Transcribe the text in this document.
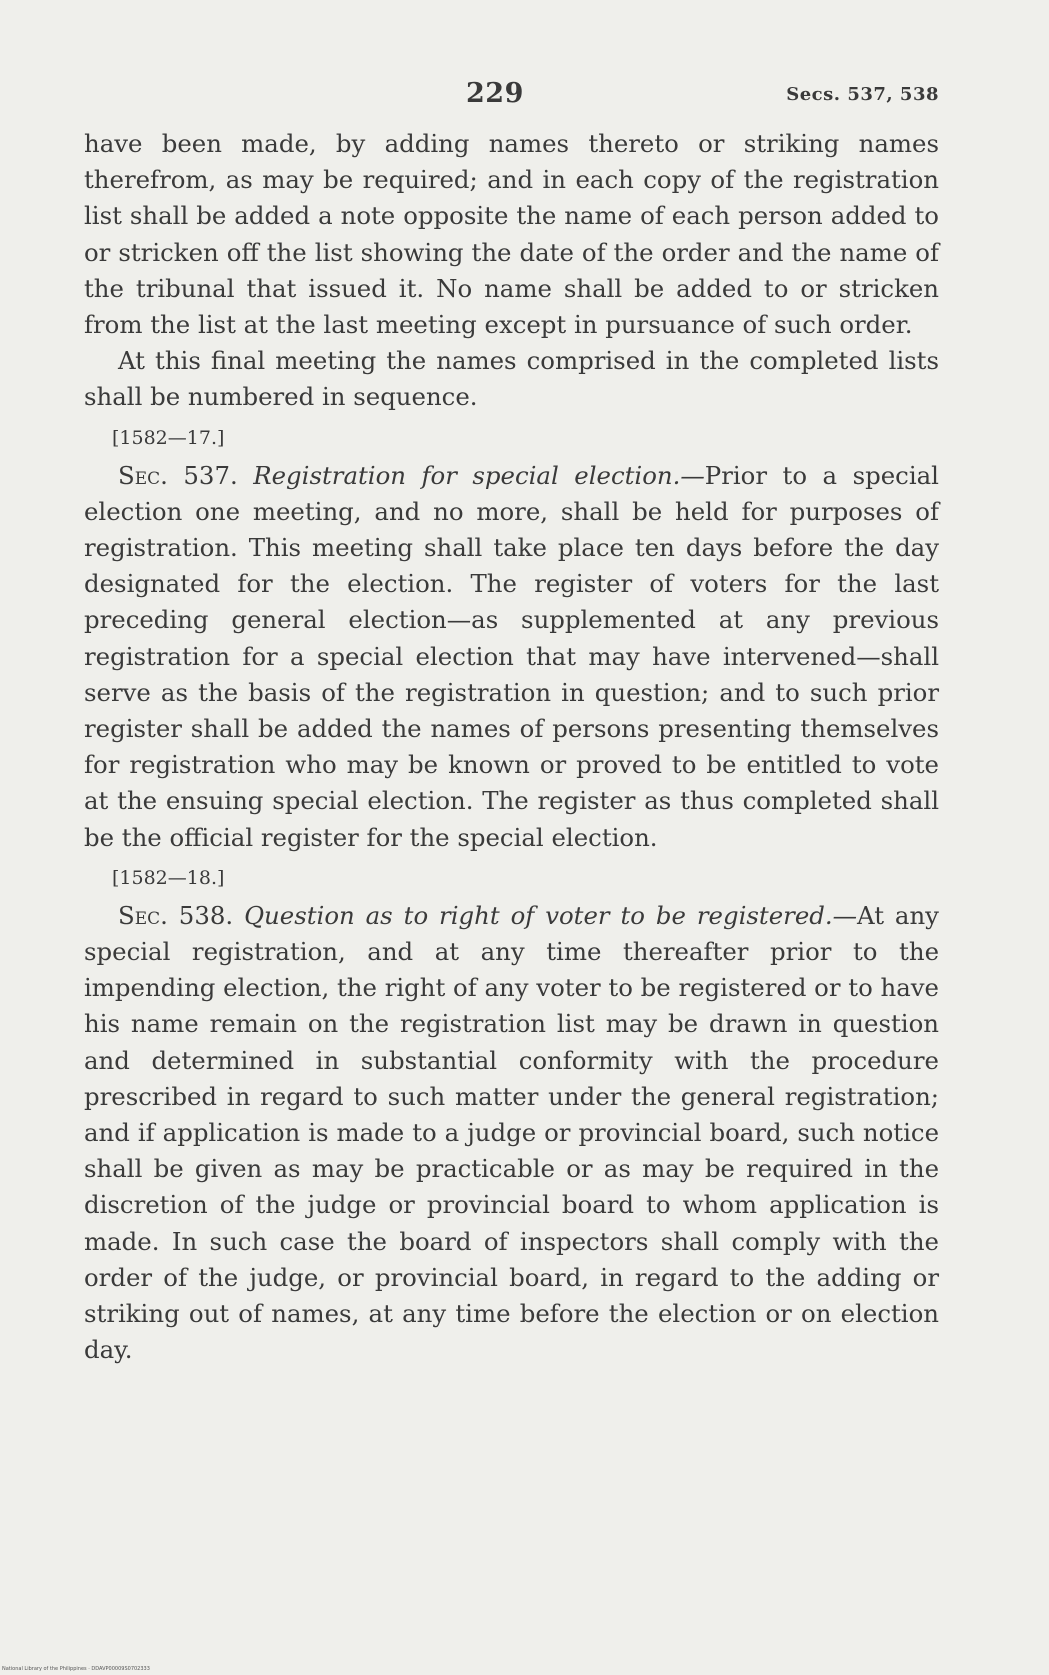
229	Secs. 537, 538

have been made, by adding names thereto or striking names therefrom, as may be required; and in each copy of the registration list shall be added a note opposite the name of each person added to or stricken off the list showing the date of the order and the name of the tribunal that issued it. No name shall be added to or stricken from the list at the last meeting except in pursuance of such order.

At this final meeting the names comprised in the completed lists shall be numbered in sequence.

[1582—17.]

Sec. 537. Registration for special election.—Prior to a special election one meeting, and no more, shall be held for purposes of registration. This meeting shall take place ten days before the day designated for the election. The register of voters for the last preceding general election—as supplemented at any previous registration for a special election that may have intervened—shall serve as the basis of the registration in question; and to such prior register shall be added the names of persons presenting themselves for registration who may be known or proved to be entitled to vote at the ensuing special election. The register as thus completed shall be the official register for the special election.

[1582—18.]

Sec. 538. Question as to right of voter to be registered.—At any special registration, and at any time thereafter prior to the impending election, the right of any voter to be registered or to have his name remain on the registration list may be drawn in question and determined in substantial conformity with the procedure prescribed in regard to such matter under the general registration; and if application is made to a judge or provincial board, such notice shall be given as may be practicable or as may be required in the discretion of the judge or provincial board to whom application is made. In such case the board of inspectors shall comply with the order of the judge, or provincial board, in regard to the adding or striking out of names, at any time before the election or on election day.

National Library of the Philippines · DDAVP00009S0702333
